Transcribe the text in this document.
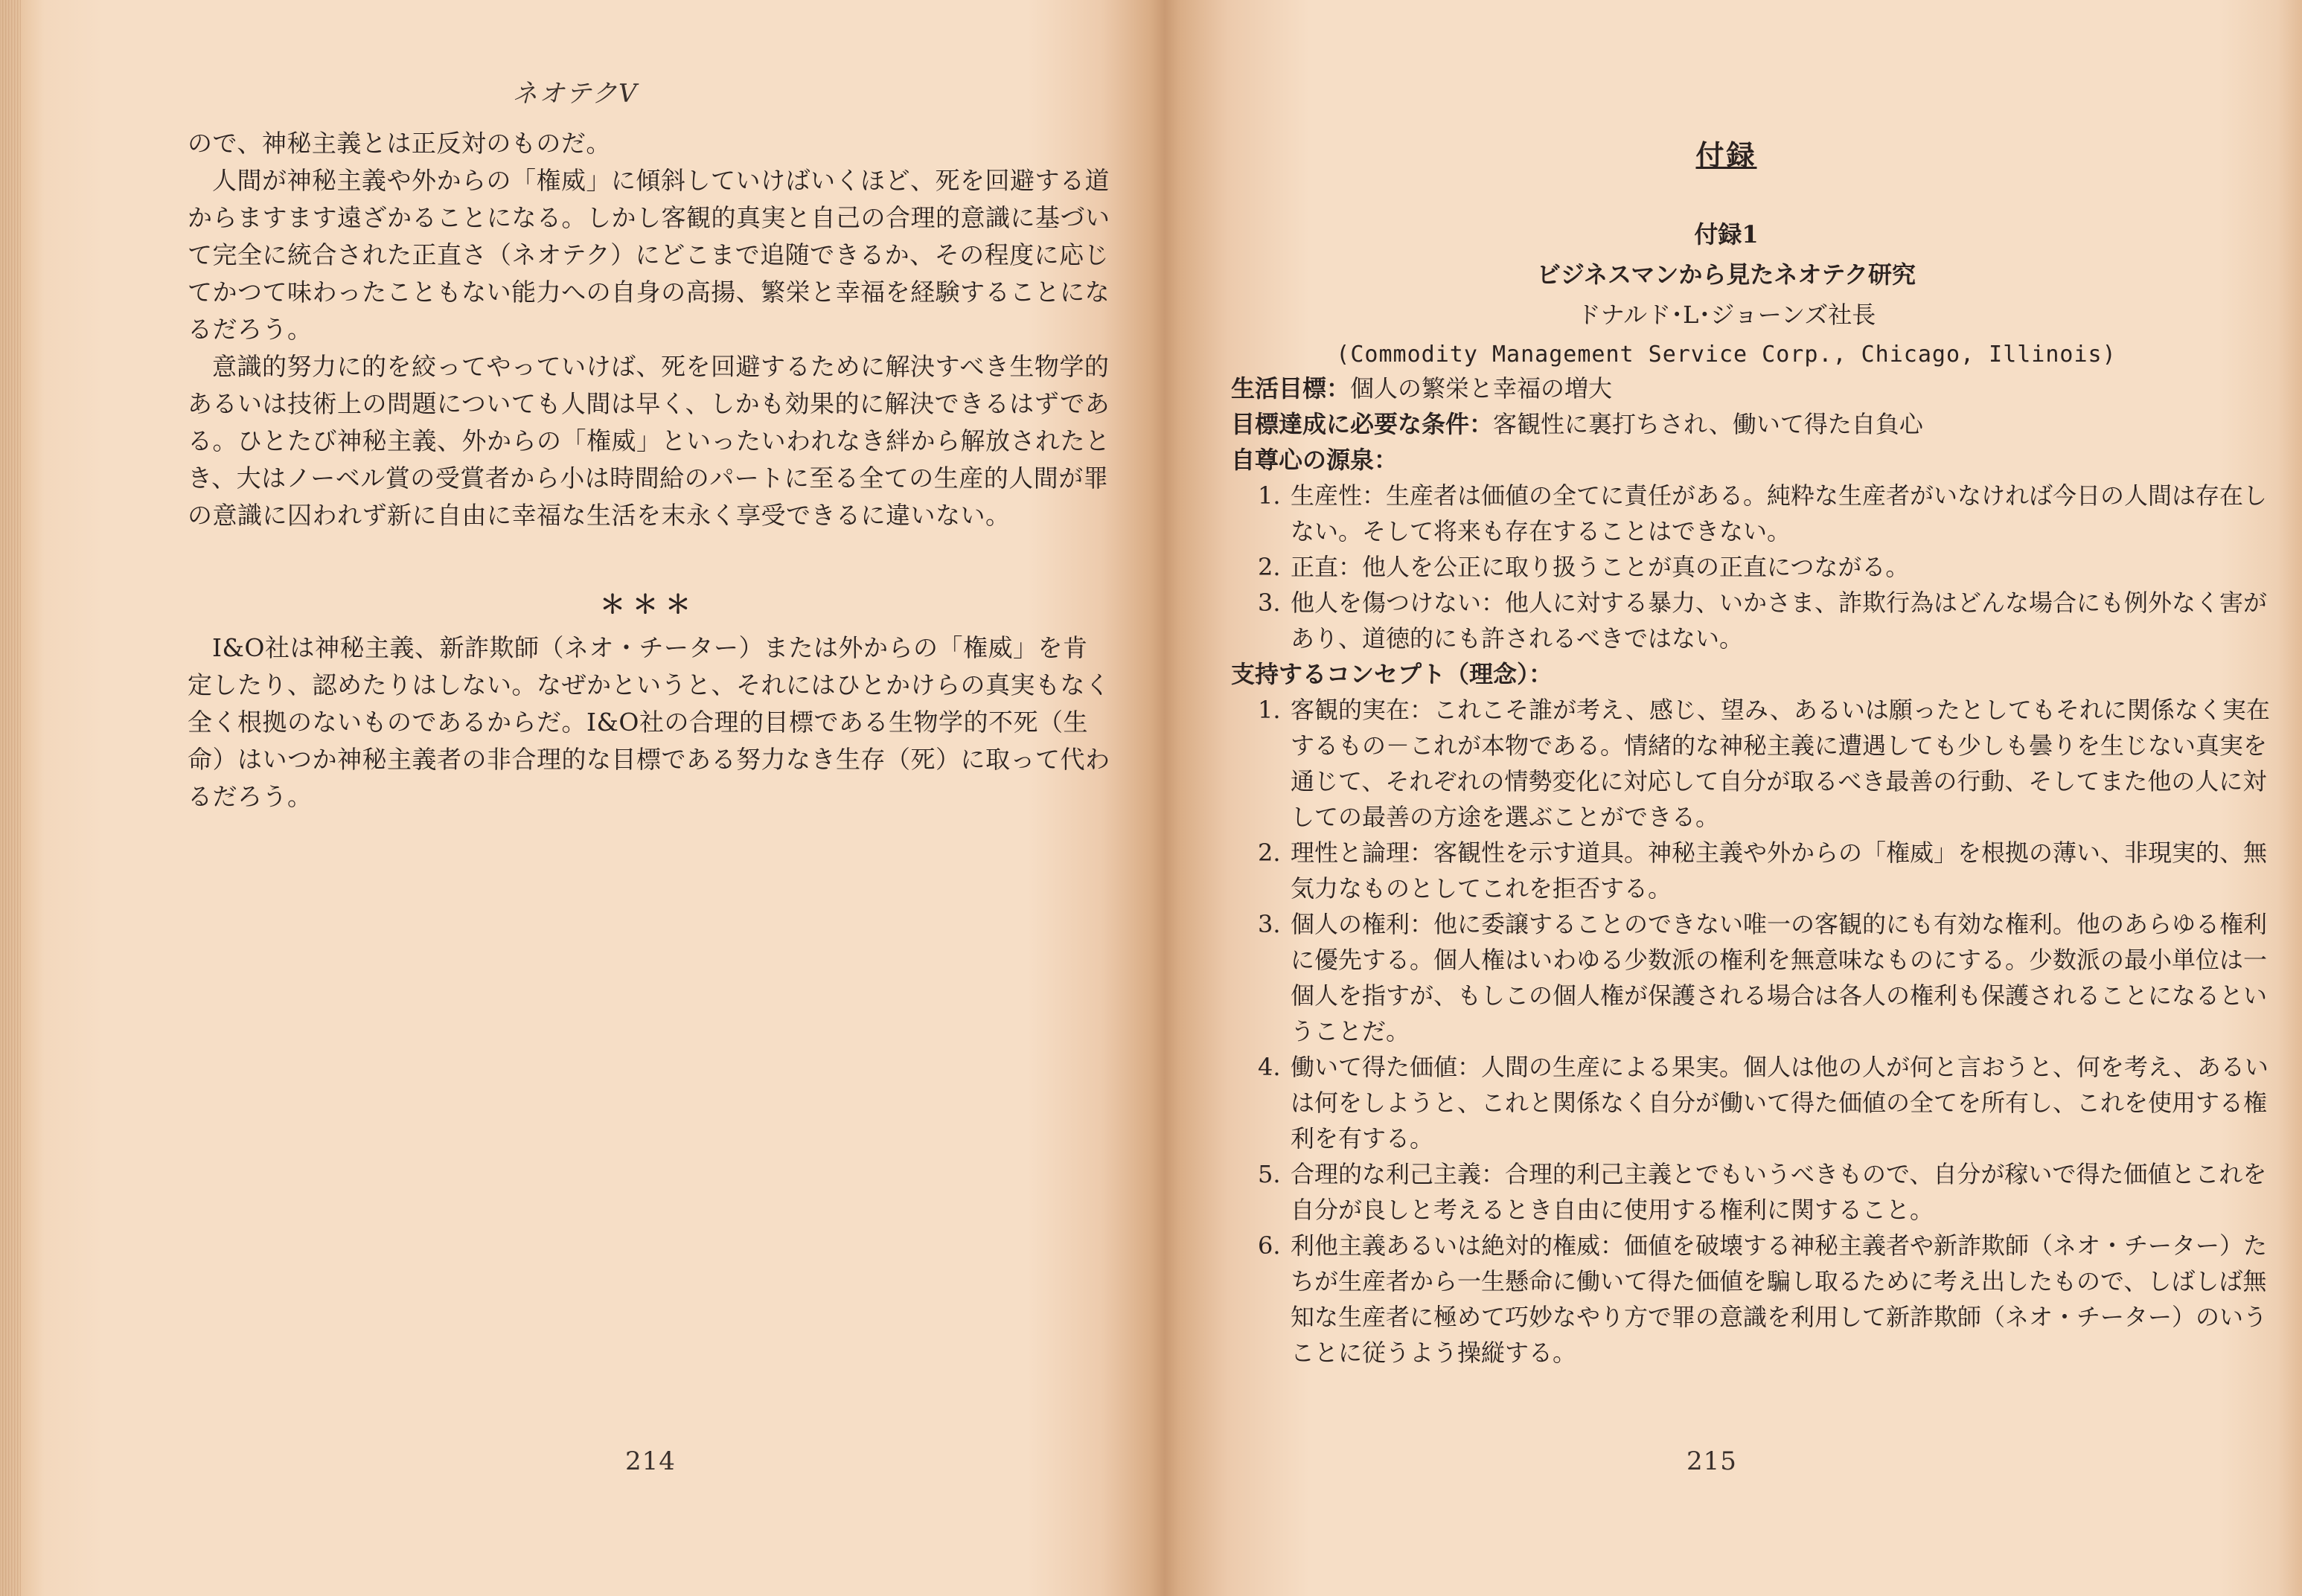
ネオテクV

ので、神秘主義とは正反対のものだ。

人間が神秘主義や外からの「権威」に傾斜していけばいくほど、死を回避する道からますます遠ざかることになる。しかし客観的真実と自己の合理的意識に基づいて完全に統合された正直さ（ネオテク）にどこまで追随できるか、その程度に応じてかつて味わったこともない能力への自身の高揚、繁栄と幸福を経験することになるだろう。

意識的努力に的を絞ってやっていけば、死を回避するために解決すべき生物学的あるいは技術上の問題についても人間は早く、しかも効果的に解決できるはずである。ひとたび神秘主義、外からの「権威」といったいわれなき絆から解放されたとき、大はノーベル賞の受賞者から小は時間給のパートに至る全ての生産的人間が罪の意識に囚われず新に自由に幸福な生活を末永く享受できるに違いない。

＊＊＊

I&O社は神秘主義、新詐欺師（ネオ・チーター）または外からの「権威」を肯定したり、認めたりはしない。なぜかというと、それにはひとかけらの真実もなく全く根拠のないものであるからだ。I&O社の合理的目標である生物学的不死（生命）はいつか神秘主義者の非合理的な目標である努力なき生存（死）に取って代わるだろう。

214
付録
付録1
ビジネスマンから見たネオテク研究
ドナルド･L･ジョーンズ社長
(Commodity Management Service Corp., Chicago, Illinois)

生活目標：個人の繁栄と幸福の増大

目標達成に必要な条件：客観性に裏打ちされ、働いて得た自負心

自尊心の源泉：

1. 生産性：生産者は価値の全てに責任がある。純粋な生産者がいなければ今日の人間は存在しない。そして将来も存在することはできない。
2. 正直：他人を公正に取り扱うことが真の正直につながる。
3. 他人を傷つけない：他人に対する暴力、いかさま、詐欺行為はどんな場合にも例外なく害があり、道徳的にも許されるべきではない。

支持するコンセプト（理念）：

1. 客観的実在：これこそ誰が考え、感じ、望み、あるいは願ったとしてもそれに関係なく実在するもの－これが本物である。情緒的な神秘主義に遭遇しても少しも曇りを生じない真実を通じて、それぞれの情勢変化に対応して自分が取るべき最善の行動、そしてまた他の人に対しての最善の方途を選ぶことができる。
2. 理性と論理：客観性を示す道具。神秘主義や外からの「権威」を根拠の薄い、非現実的、無気力なものとしてこれを拒否する。
3. 個人の権利：他に委譲することのできない唯一の客観的にも有効な権利。他のあらゆる権利に優先する。個人権はいわゆる少数派の権利を無意味なものにする。少数派の最小単位は一個人を指すが、もしこの個人権が保護される場合は各人の権利も保護されることになるということだ。
4. 働いて得た価値：人間の生産による果実。個人は他の人が何と言おうと、何を考え、あるいは何をしようと、これと関係なく自分が働いて得た価値の全てを所有し、これを使用する権利を有する。
5. 合理的な利己主義：合理的利己主義とでもいうべきもので、自分が稼いで得た価値とこれを自分が良しと考えるとき自由に使用する権利に関すること。
6. 利他主義あるいは絶対的権威：価値を破壊する神秘主義者や新詐欺師（ネオ・チーター）たちが生産者から一生懸命に働いて得た価値を騙し取るために考え出したもので、しばしば無知な生産者に極めて巧妙なやり方で罪の意識を利用して新詐欺師（ネオ・チーター）のいうことに従うよう操縦する。
215
